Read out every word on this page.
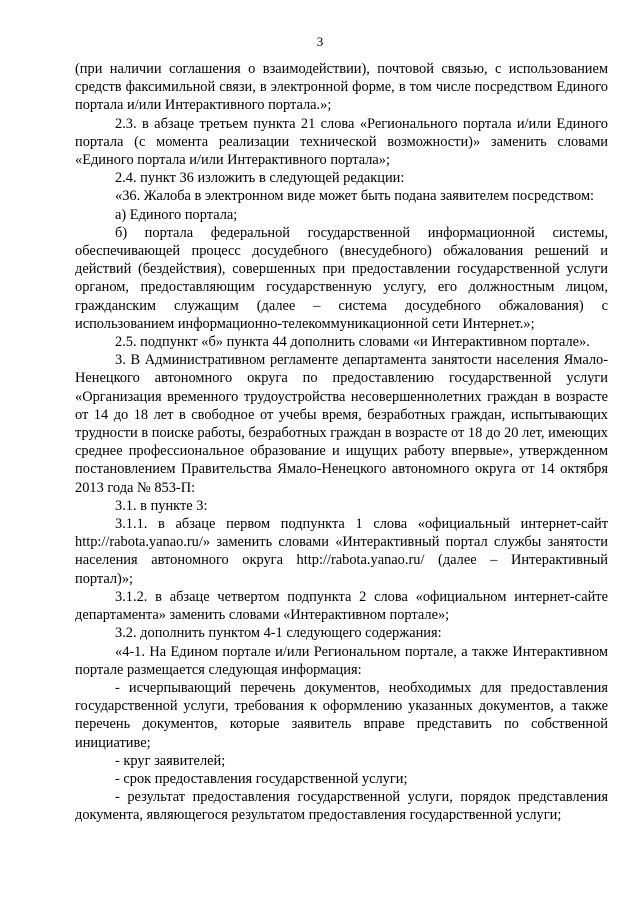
3

(при наличии соглашения о взаимодействии), почтовой связью, с использованием средств факсимильной связи, в электронной форме, в том числе посредством Единого портала и/или Интерактивного портала.»;

2.3. в абзаце третьем пункта 21 слова «Регионального портала и/или Единого портала (с момента реализации технической возможности)» заменить словами «Единого портала и/или Интерактивного портала»;

2.4. пункт 36 изложить в следующей редакции:

«36. Жалоба в электронном виде может быть подана заявителем посредством:

а) Единого портала;

б) портала федеральной государственной информационной системы, обеспечивающей процесс досудебного (внесудебного) обжалования решений и действий (бездействия), совершенных при предоставлении государственной услуги органом, предоставляющим государственную услугу, его должностным лицом, гражданским служащим (далее – система досудебного обжалования) с использованием информационно-телекоммуникационной сети Интернет.»;

2.5. подпункт «б» пункта 44 дополнить словами «и Интерактивном портале».

3. В Административном регламенте департамента занятости населения Ямало-Ненецкого автономного округа по предоставлению государственной услуги «Организация временного трудоустройства несовершеннолетних граждан в возрасте от 14 до 18 лет в свободное от учебы время, безработных граждан, испытывающих трудности в поиске работы, безработных граждан в возрасте от 18 до 20 лет, имеющих среднее профессиональное образование и ищущих работу впервые», утвержденном постановлением Правительства Ямало-Ненецкого автономного округа от 14 октября 2013 года № 853-П:

3.1. в пункте 3:

3.1.1. в абзаце первом подпункта 1 слова «официальный интернет-сайт http://rabota.yanao.ru/» заменить словами «Интерактивный портал службы занятости населения автономного округа http://rabota.yanao.ru/ (далее – Интерактивный портал)»;

3.1.2. в абзаце четвертом подпункта 2 слова «официальном интернет-сайте департамента» заменить словами «Интерактивном портале»;

3.2. дополнить пунктом 4-1 следующего содержания:

«4-1. На Едином портале и/или Региональном портале, а также Интерактивном портале размещается следующая информация:

- исчерпывающий перечень документов, необходимых для предоставления государственной услуги, требования к оформлению указанных документов, а также перечень документов, которые заявитель вправе представить по собственной инициативе;

- круг заявителей;

- срок предоставления государственной услуги;

- результат предоставления государственной услуги, порядок представления документа, являющегося результатом предоставления государственной услуги;
